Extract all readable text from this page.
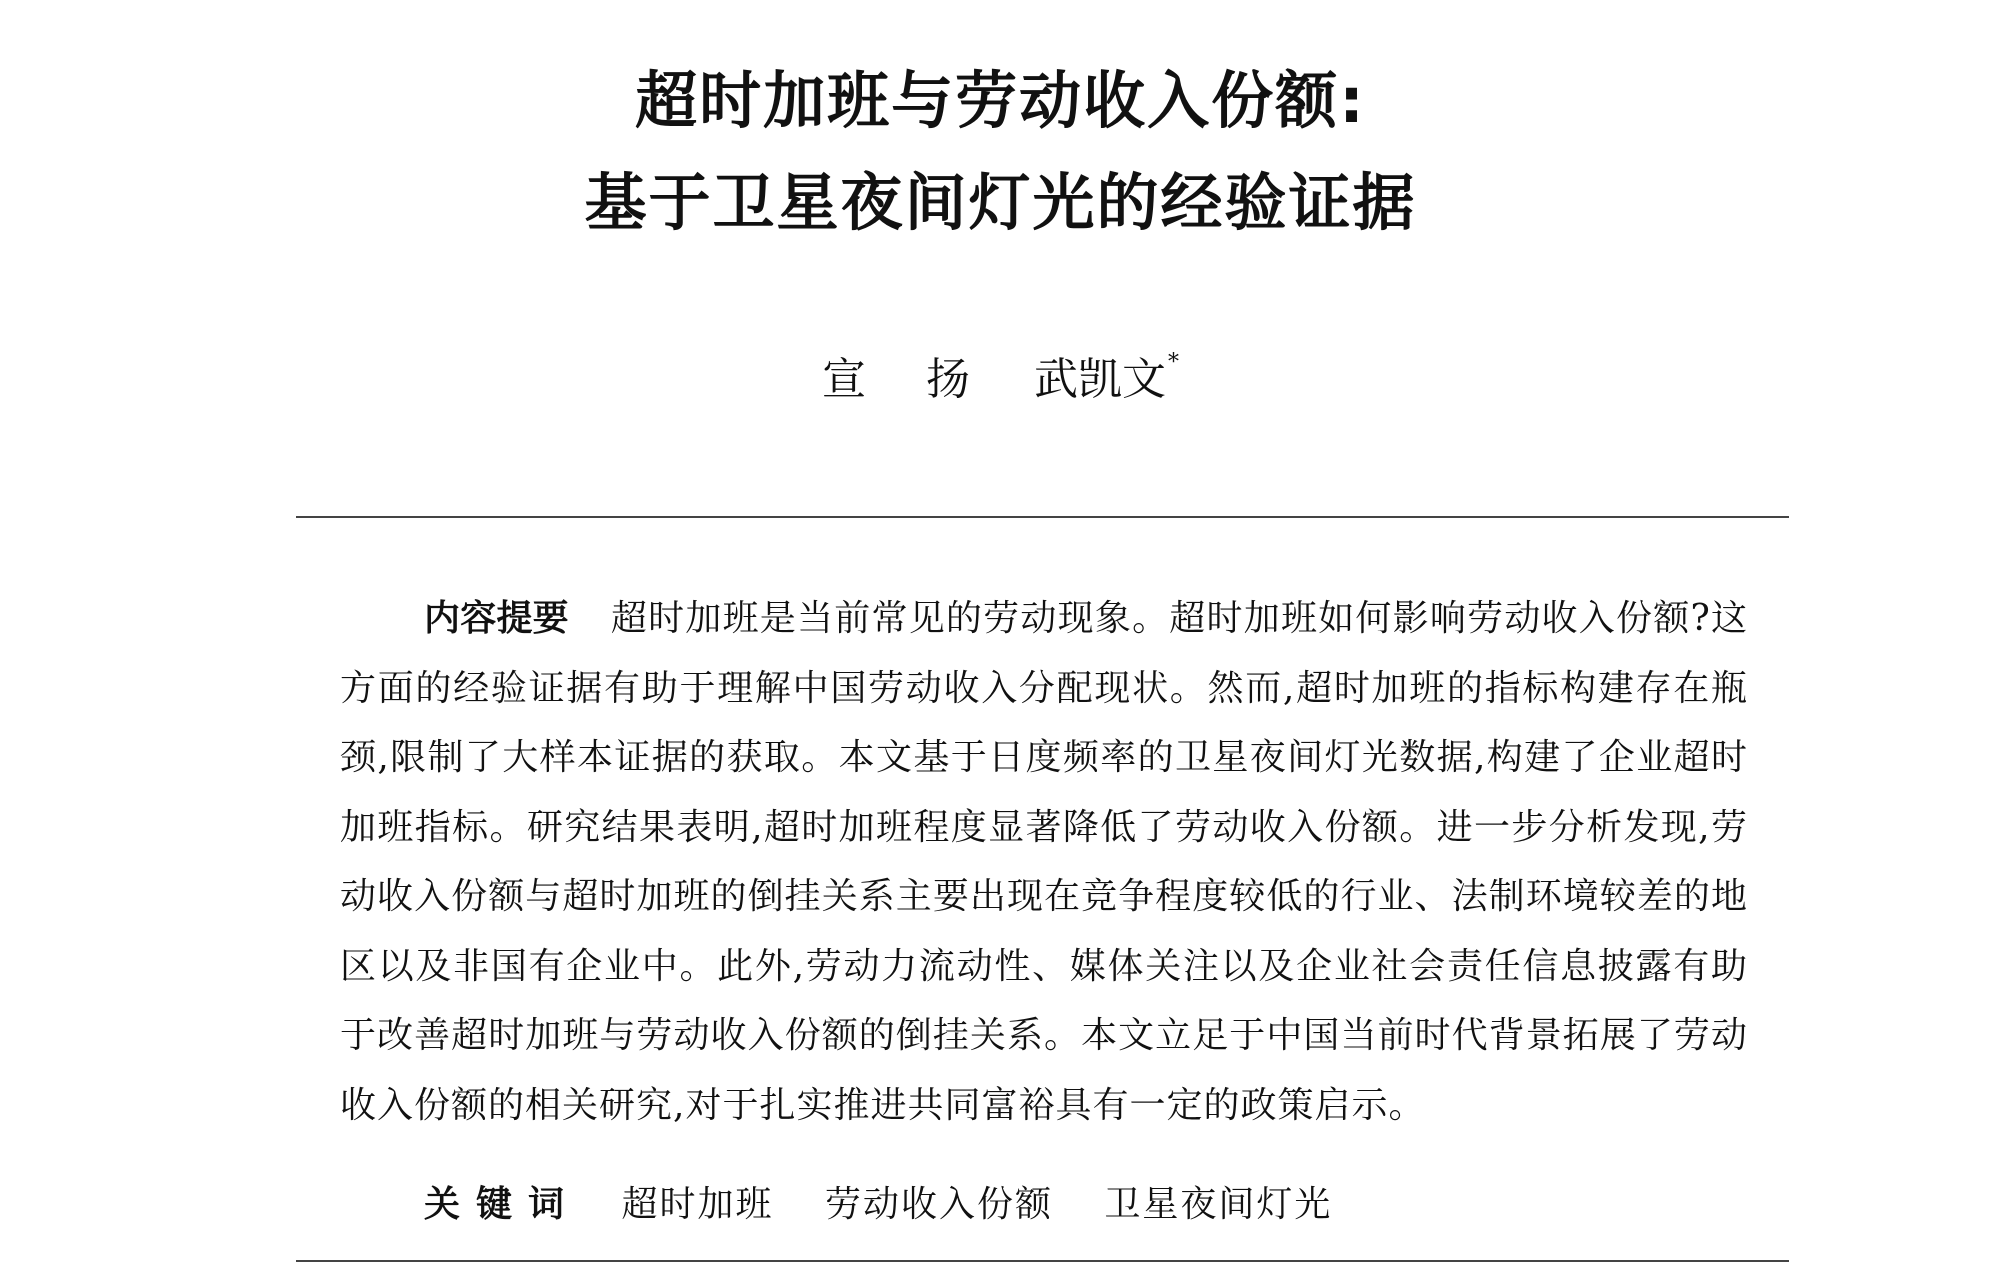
超时加班与劳动收入份额:
基于卫星夜间灯光的经验证据
宣扬武凯文*

内容提要 超时加班是当前常见的劳动现象。超时加班如何影响劳动收入份额?这方面的经验证据有助于理解中国劳动收入分配现状。然而,超时加班的指标构建存在瓶颈,限制了大样本证据的获取。本文基于日度频率的卫星夜间灯光数据,构建了企业超时加班指标。研究结果表明,超时加班程度显著降低了劳动收入份额。进一步分析发现,劳动收入份额与超时加班的倒挂关系主要出现在竞争程度较低的行业、法制环境较差的地区以及非国有企业中。此外,劳动力流动性、媒体关注以及企业社会责任信息披露有助于改善超时加班与劳动收入份额的倒挂关系。本文立足于中国当前时代背景拓展了劳动收入份额的相关研究,对于扎实推进共同富裕具有一定的政策启示。

关键词 超时加班 劳动收入份额 卫星夜间灯光
